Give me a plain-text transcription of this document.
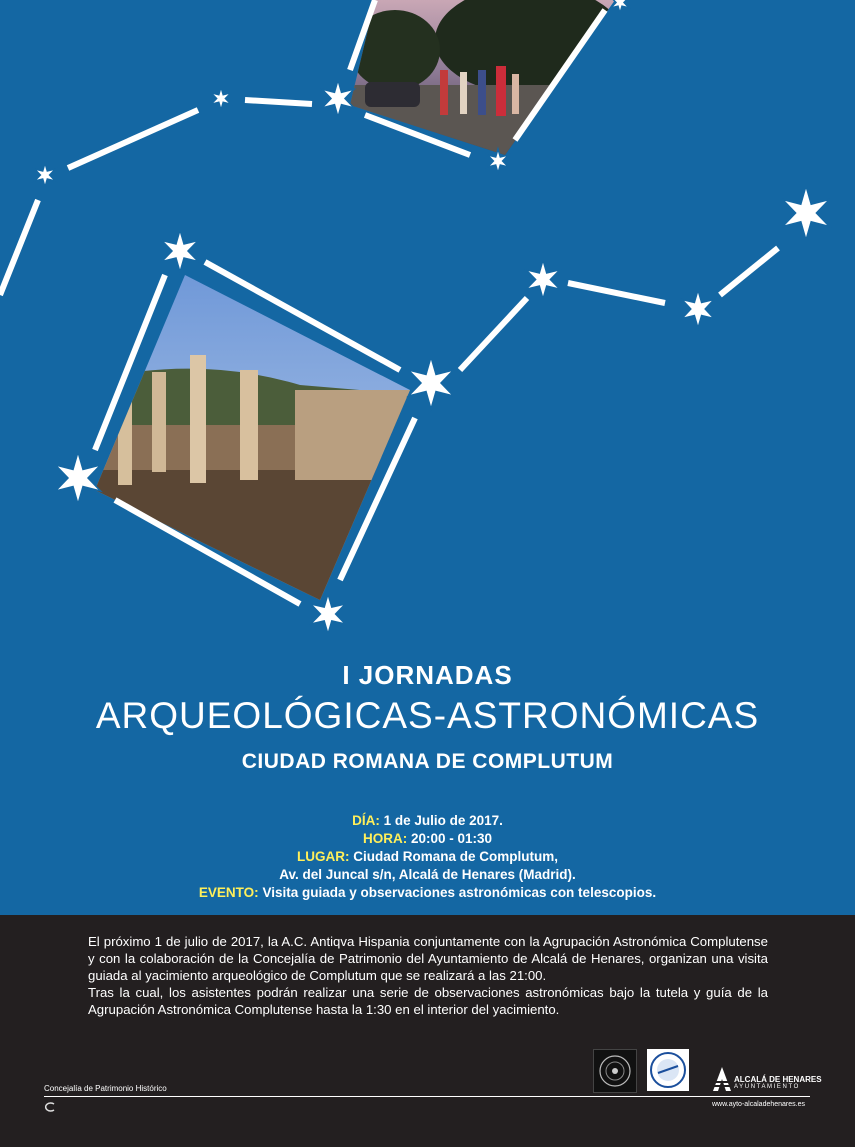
I JORNADAS
ARQUEOLÓGICAS-ASTRONÓMICAS
CIUDAD ROMANA DE COMPLUTUM
DÍA: 1 de Julio de 2017.
HORA: 20:00 - 01:30
LUGAR: Ciudad Romana de Complutum,
Av. del Juncal s/n, Alcalá de Henares (Madrid).
EVENTO: Visita guiada y observaciones astronómicas con telescopios.

El próximo 1 de julio de 2017, la A.C. Antiqva Hispania conjuntamente con la Agrupación Astronómica Complutense y con la colaboración de la Concejalía de Patrimonio del Ayuntamiento de Alcalá de Henares, organizan una visita guiada al yacimiento arqueológico de Complutum que se realizará a las 21:00.

Tras la cual, los asistentes podrán realizar una serie de observaciones astronómicas bajo la tutela y guía de la Agrupación Astronómica Complutense hasta la 1:30 en el interior del yacimiento.

Concejalía de Patrimonio Histórico
ALCALÁ DE HENARES
AYUNTAMIENTO
www.ayto-alcaladehenares.es
